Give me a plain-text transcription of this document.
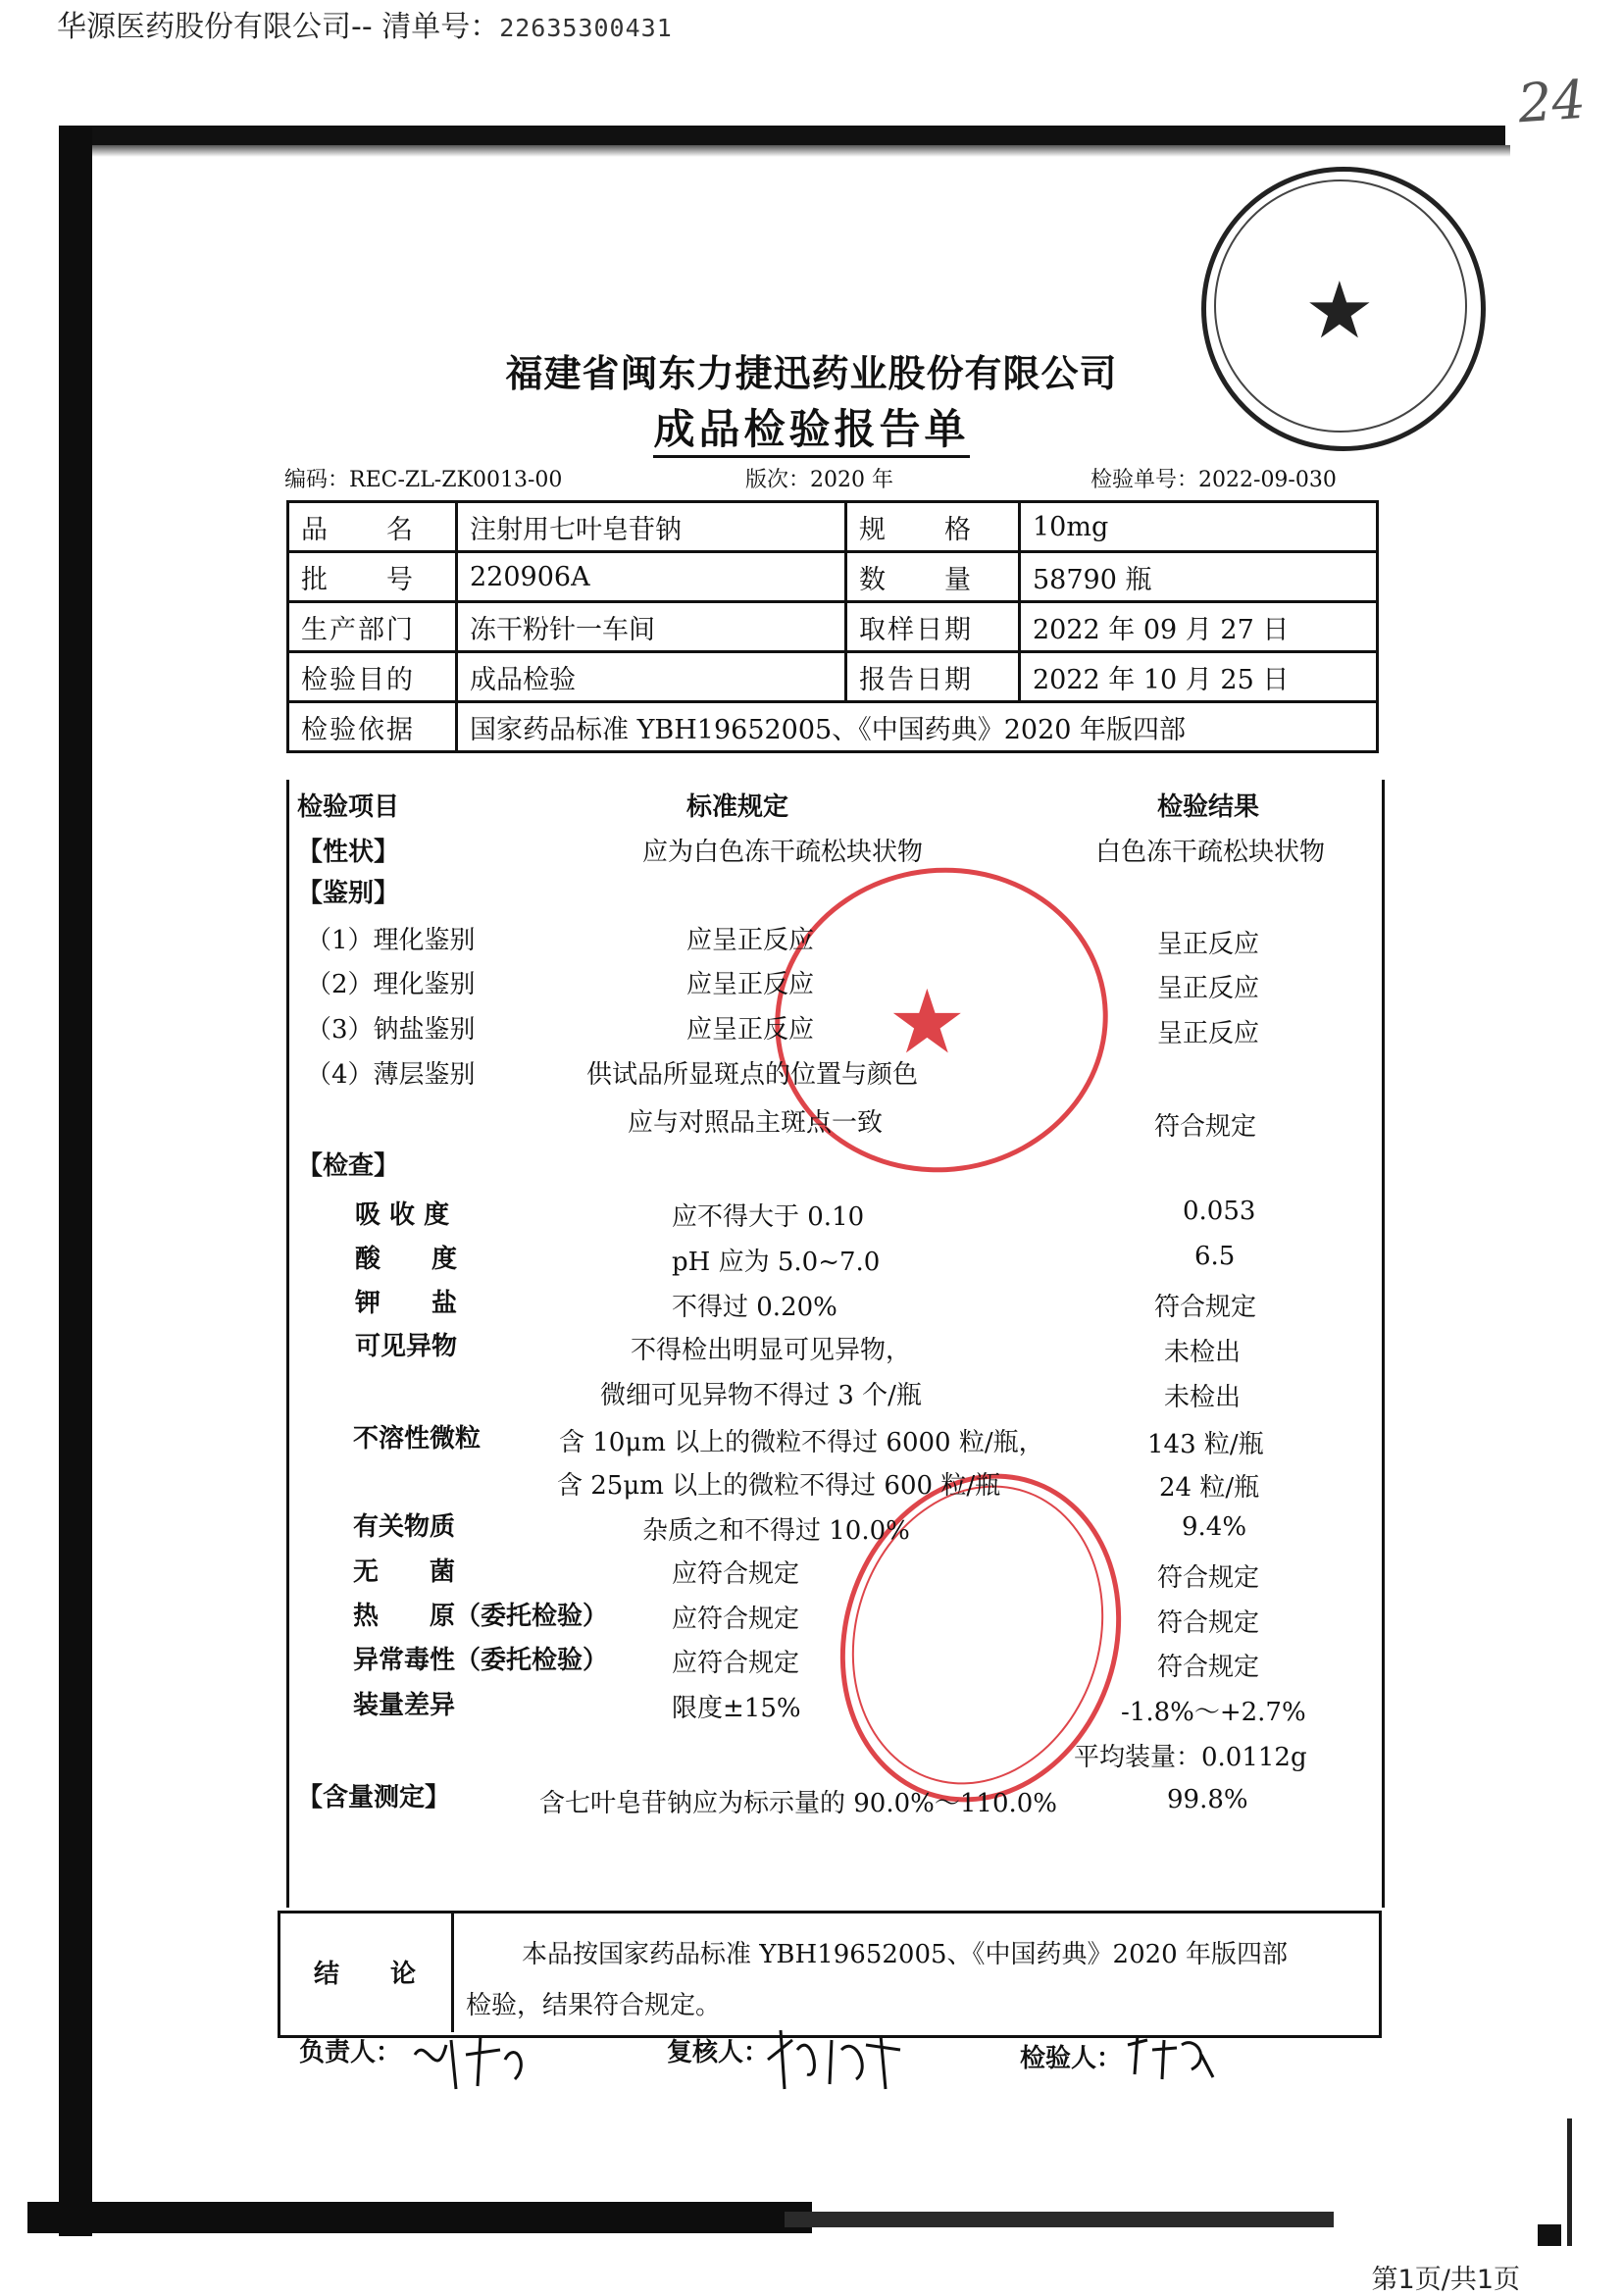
华源医药股份有限公司-- 清单号：22635300431
24
★
福建省闽东力捷迅药业股份有限公司
成品检验报告单
编码：REC-ZL-ZK0013-00	版次：2020 年	检验单号：2022-09-030
品　　名	注射用七叶皂苷钠	规　　格	10mg
批　　号	220906A	数　　量	58790 瓶
生产部门	冻干粉针一车间	取样日期	2022 年 09 月 27 日
检验目的	成品检验	报告日期	2022 年 10 月 25 日
检验依据	国家药品标准 YBH19652005、《中国药典》2020 年版四部		
★
检验项目	标准规定	检验结果
【性状】	应为白色冻干疏松块状物	白色冻干疏松块状物
【鉴别】
（1）理化鉴别	应呈正反应	呈正反应
（2）理化鉴别	应呈正反应	呈正反应
（3）钠盐鉴别	应呈正反应	呈正反应
（4）薄层鉴别	供试品所显斑点的位置与颜色
应与对照品主斑点一致	符合规定
【检查】
吸 收 度	应不得大于 0.10	0.053
酸　　度	pH 应为 5.0~7.0	6.5
钾　　盐	不得过 0.20%	符合规定
可见异物	不得检出明显可见异物，	未检出
微细可见异物不得过 3 个/瓶	未检出
不溶性微粒	含 10μm 以上的微粒不得过 6000 粒/瓶，	143 粒/瓶
含 25μm 以上的微粒不得过 600 粒/瓶	24 粒/瓶
有关物质	杂质之和不得过 10.0%	9.4%
无　　菌	应符合规定	符合规定
热　　原（委托检验） 应符合规定	符合规定
异常毒性（委托检验） 应符合规定	符合规定
装量差异	限度±15%	-1.8%～+2.7%
平均装量：0.0112g
【含量测定】	含七叶皂苷钠应为标示量的 90.0%～110.0%	99.8%
结　　论
本品按国家药品标准 YBH19652005、《中国药典》2020 年版四部
检验，结果符合规定。
负责人：	复核人：	检验人：
第1页/共1页
